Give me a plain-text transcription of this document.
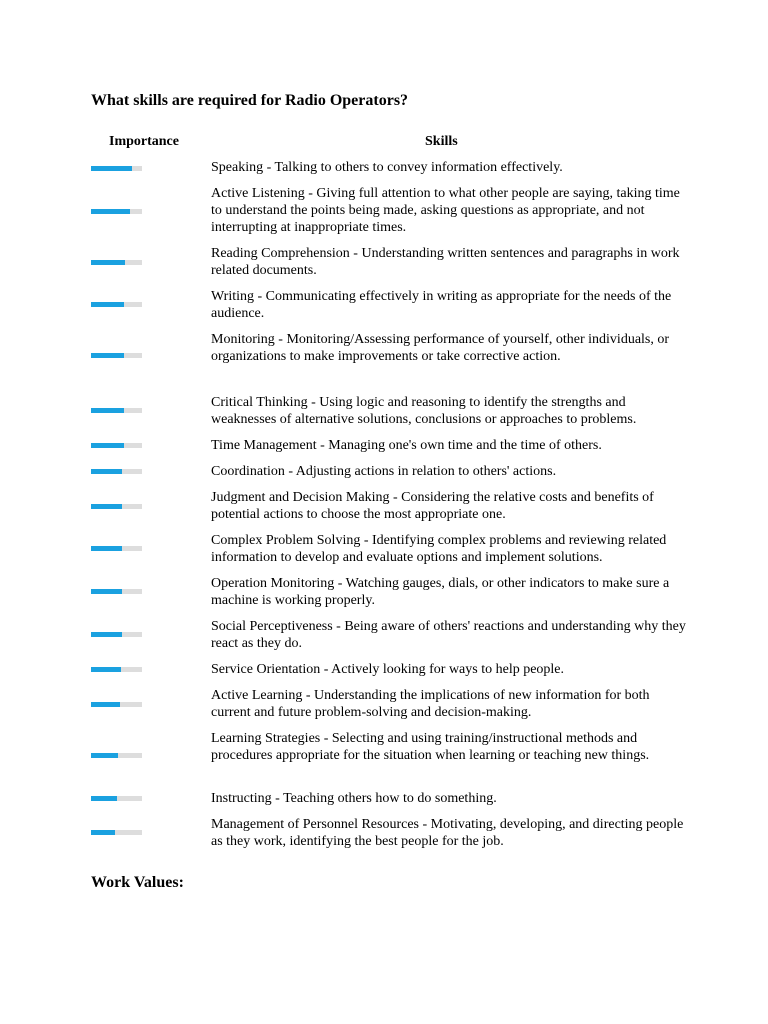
What skills are required for Radio Operators?
Importance	Skills
Speaking - Talking to others to convey information effectively.
Active Listening - Giving full attention to what other people are saying, taking time to understand the points being made, asking questions as appropriate, and not interrupting at inappropriate times.
Reading Comprehension - Understanding written sentences and paragraphs in work related documents.
Writing - Communicating effectively in writing as appropriate for the needs of the audience.
Monitoring - Monitoring/Assessing performance of yourself, other individuals, or organizations to make improvements or take corrective action.
Critical Thinking - Using logic and reasoning to identify the strengths and weaknesses of alternative solutions, conclusions or approaches to problems.
Time Management - Managing one's own time and the time of others.
Coordination - Adjusting actions in relation to others' actions.
Judgment and Decision Making - Considering the relative costs and benefits of potential actions to choose the most appropriate one.
Complex Problem Solving - Identifying complex problems and reviewing related information to develop and evaluate options and implement solutions.
Operation Monitoring - Watching gauges, dials, or other indicators to make sure a machine is working properly.
Social Perceptiveness - Being aware of others' reactions and understanding why they react as they do.
Service Orientation - Actively looking for ways to help people.
Active Learning - Understanding the implications of new information for both current and future problem-solving and decision-making.
Learning Strategies - Selecting and using training/instructional methods and procedures appropriate for the situation when learning or teaching new things.
Instructing - Teaching others how to do something.
Management of Personnel Resources - Motivating, developing, and directing people as they work, identifying the best people for the job.
Work Values:
